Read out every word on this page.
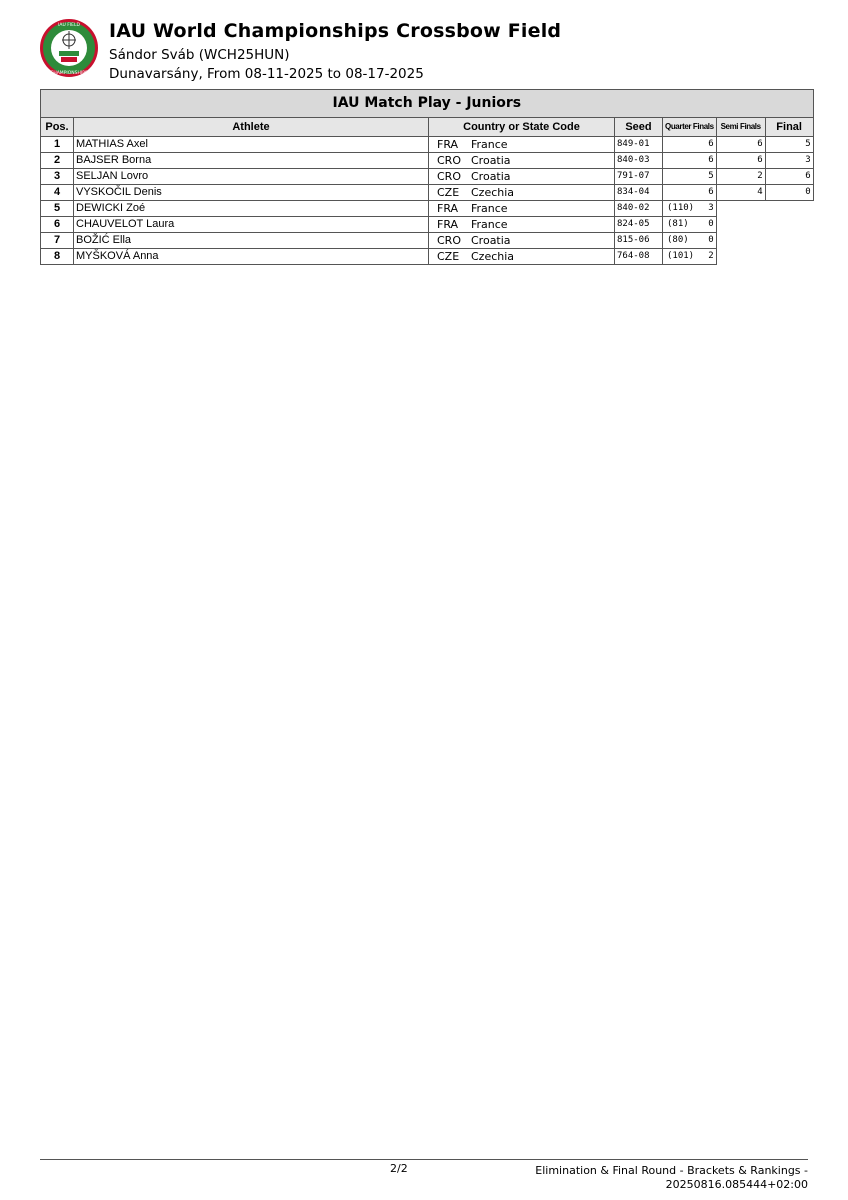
IAU FIELD
CHAMPIONSHIPS
IAU World Championships Crossbow Field
Sándor Sváb (WCH25HUN)
Dunavarsány, From 08-11-2025 to 08-17-2025
IAU Match Play - Juniors						
Pos.	Athlete	Country or State Code	Seed	Quarter Finals	Semi Finals	Final
1	MATHIAS Axel	FRA France	849-01	6	6	5
2	BAJSER Borna	CRO Croatia	840-03	6	6	3
3	SELJAN Lovro	CRO Croatia	791-07	5	2	6
4	VYSKOČIL Denis	CZE Czechia	834-04	6	4	0
5	DEWICKI Zoé	FRA France	840-02	(110) 3		
6	CHAUVELOT Laura	FRA France	824-05	(81) 0		
7	BOŽIĆ Ella	CRO Croatia	815-06	(80) 0		
8	MYŠKOVÁ Anna	CZE Czechia	764-08	(101) 2		
2/2	Elimination & Final Round - Brackets & Rankings -
20250816.085444+02:00
